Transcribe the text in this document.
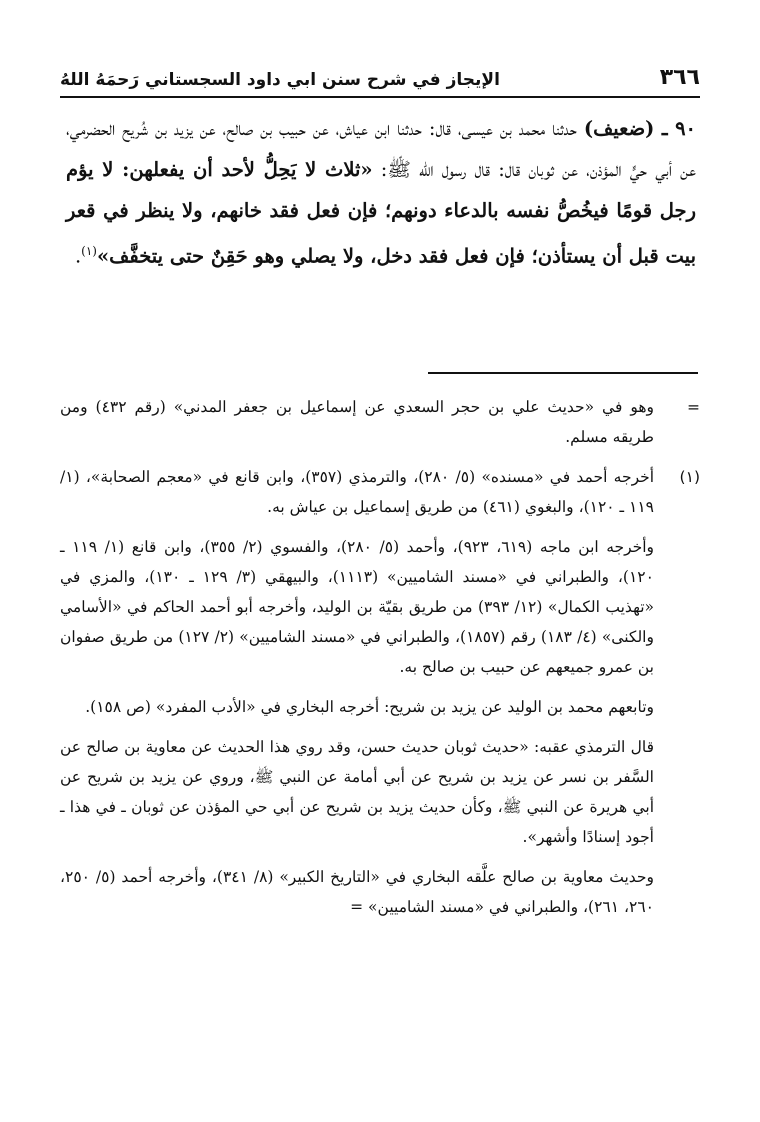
٣٦٦
الإيجاز في شرح سنن ابي داود السجستاني رَحمَهُ اللهُ

٩٠ ـ (ضعيف) حدثنا محمد بن عيسى، قال: حدثنا ابن عياش، عن حبيب بن صالح، عن يزيد بن شُريح الحضرمي، عن أبي حيٍّ المؤذن، عن ثوبان قال: قال رسول الله ﷺ: «ثلاث لا يَحِلُّ لأحد أن يفعلهن: لا يؤم رجل قومًا فيخُصُّ نفسه بالدعاء دونهم؛ فإن فعل فقد خانهم، ولا ينظر في قعر بيت قبل أن يستأذن؛ فإن فعل فقد دخل، ولا يصلي وهو حَقِنٌ حتى يتخفَّف»$^{(١)}$.

=
وهو في «حديث علي بن حجر السعدي عن إسماعيل بن جعفر المدني» (رقم ٤٣٢) ومن طريقه مسلم.
(١)

أخرجه أحمد في «مسنده» (٥/ ٢٨٠)، والترمذي (٣٥٧)، وابن قانع في «معجم الصحابة»، (١/ ١١٩ ـ ١٢٠)، والبغوي (٤٦١) من طريق إسماعيل بن عياش به.

وأخرجه ابن ماجه (٦١٩، ٩٢٣)، وأحمد (٥/ ٢٨٠)، والفسوي (٢/ ٣٥٥)، وابن قانع (١/ ١١٩ ـ ١٢٠)، والطبراني في «مسند الشاميين» (١١١٣)، والبيهقي (٣/ ١٢٩ ـ ١٣٠)، والمزي في «تهذيب الكمال» (١٢/ ٣٩٣) من طريق بقيّة بن الوليد، وأخرجه أبو أحمد الحاكم في «الأسامي والكنى» (٤/ ١٨٣) رقم (١٨٥٧)، والطبراني في «مسند الشاميين» (٢/ ١٢٧) من طريق صفوان بن عمرو جميعهم عن حبيب بن صالح به.

وتابعهم محمد بن الوليد عن يزيد بن شريح: أخرجه البخاري في «الأدب المفرد» (ص ١٥٨).

قال الترمذي عقبه: «حديث ثوبان حديث حسن، وقد روي هذا الحديث عن معاوية بن صالح عن السَّفر بن نسر عن يزيد بن شريح عن أبي أمامة عن النبي ﷺ، وروي عن يزيد بن شريح عن أبي هريرة عن النبي ﷺ، وكأن حديث يزيد بن شريح عن أبي حي المؤذن عن ثوبان ـ في هذا ـ أجود إسنادًا وأشهر».

وحديث معاوية بن صالح علَّقه البخاري في «التاريخ الكبير» (٨/ ٣٤١)، وأخرجه أحمد (٥/ ٢٥٠، ٢٦٠، ٢٦١)، والطبراني في «مسند الشاميين» =
